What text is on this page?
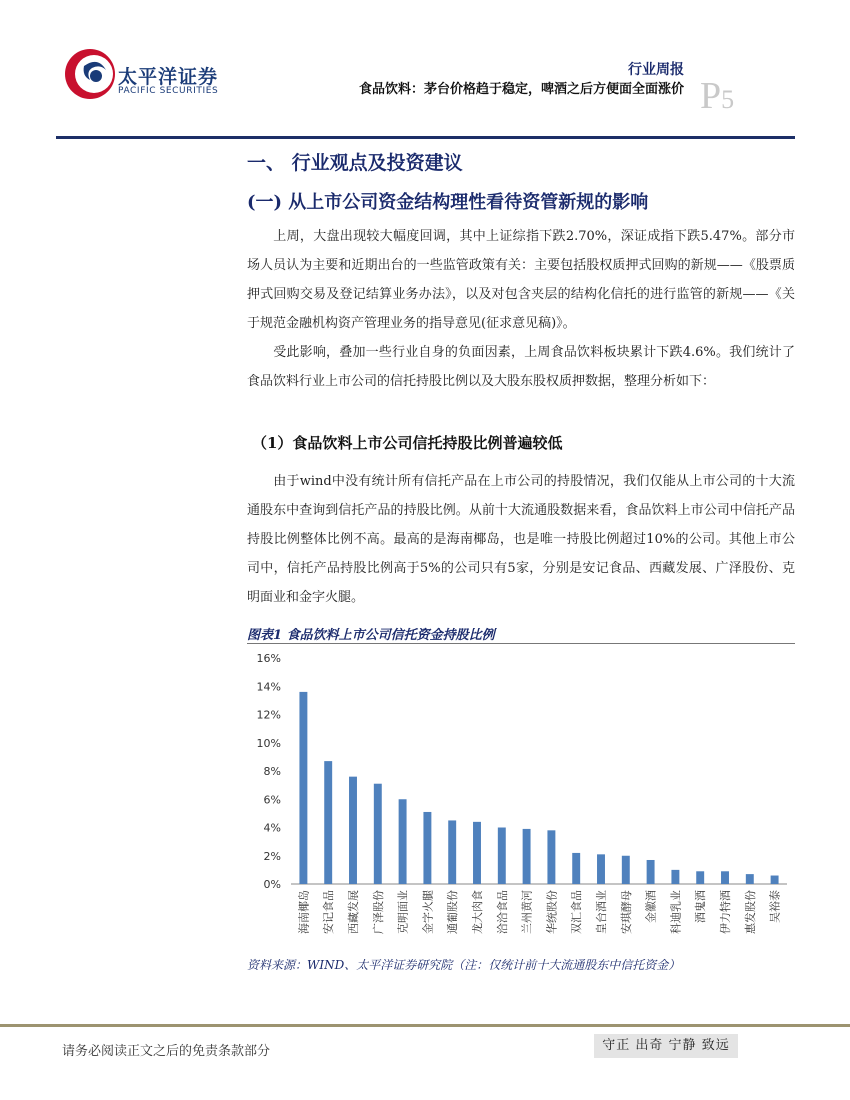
太平洋证券
PACIFIC SECURITIES
行业周报
食品饮料：茅台价格趋于稳定，啤酒之后方便面全面涨价 P5
一、 行业观点及投资建议
(一) 从上市公司资金结构理性看待资管新规的影响
上周，大盘出现较大幅度回调，其中上证综指下跌2.70%，深证成指下跌5.47%。部分市场人员认为主要和近期出台的一些监管政策有关：主要包括股权质押式回购的新规——《股票质押式回购交易及登记结算业务办法》，以及对包含夹层的结构化信托的进行监管的新规——《关于规范金融机构资产管理业务的指导意见(征求意见稿)》。
受此影响，叠加一些行业自身的负面因素，上周食品饮料板块累计下跌4.6%。我们统计了食品饮料行业上市公司的信托持股比例以及大股东股权质押数据，整理分析如下：
（1）食品饮料上市公司信托持股比例普遍较低
由于wind中没有统计所有信托产品在上市公司的持股情况，我们仅能从上市公司的十大流通股东中查询到信托产品的持股比例。从前十大流通股数据来看，食品饮料上市公司中信托产品持股比例整体比例不高。最高的是海南椰岛，也是唯一持股比例超过10%的公司。其他上市公司中，信托产品持股比例高于5%的公司只有5家，分别是安记食品、西藏发展、广泽股份、克明面业和金字火腿。
图表1 食品饮料上市公司信托资金持股比例
0%
2%
4%
6%
8%
10%
12%
14%
16%
海南椰岛 安记食品 西藏发展 广泽股份 克明面业 金字火腿 通葡股份 龙大肉食 洽洽食品 兰州黄河 华统股份 双汇食品 皇台酒业 安琪酵母 金徽酒 科迪乳业 酒鬼酒 伊力特酒 惠发股份 吴裕泰
资料来源：WIND、太平洋证券研究院（注：仅统计前十大流通股东中信托资金）
请务必阅读正文之后的免责条款部分	守正 出奇 宁静 致远
